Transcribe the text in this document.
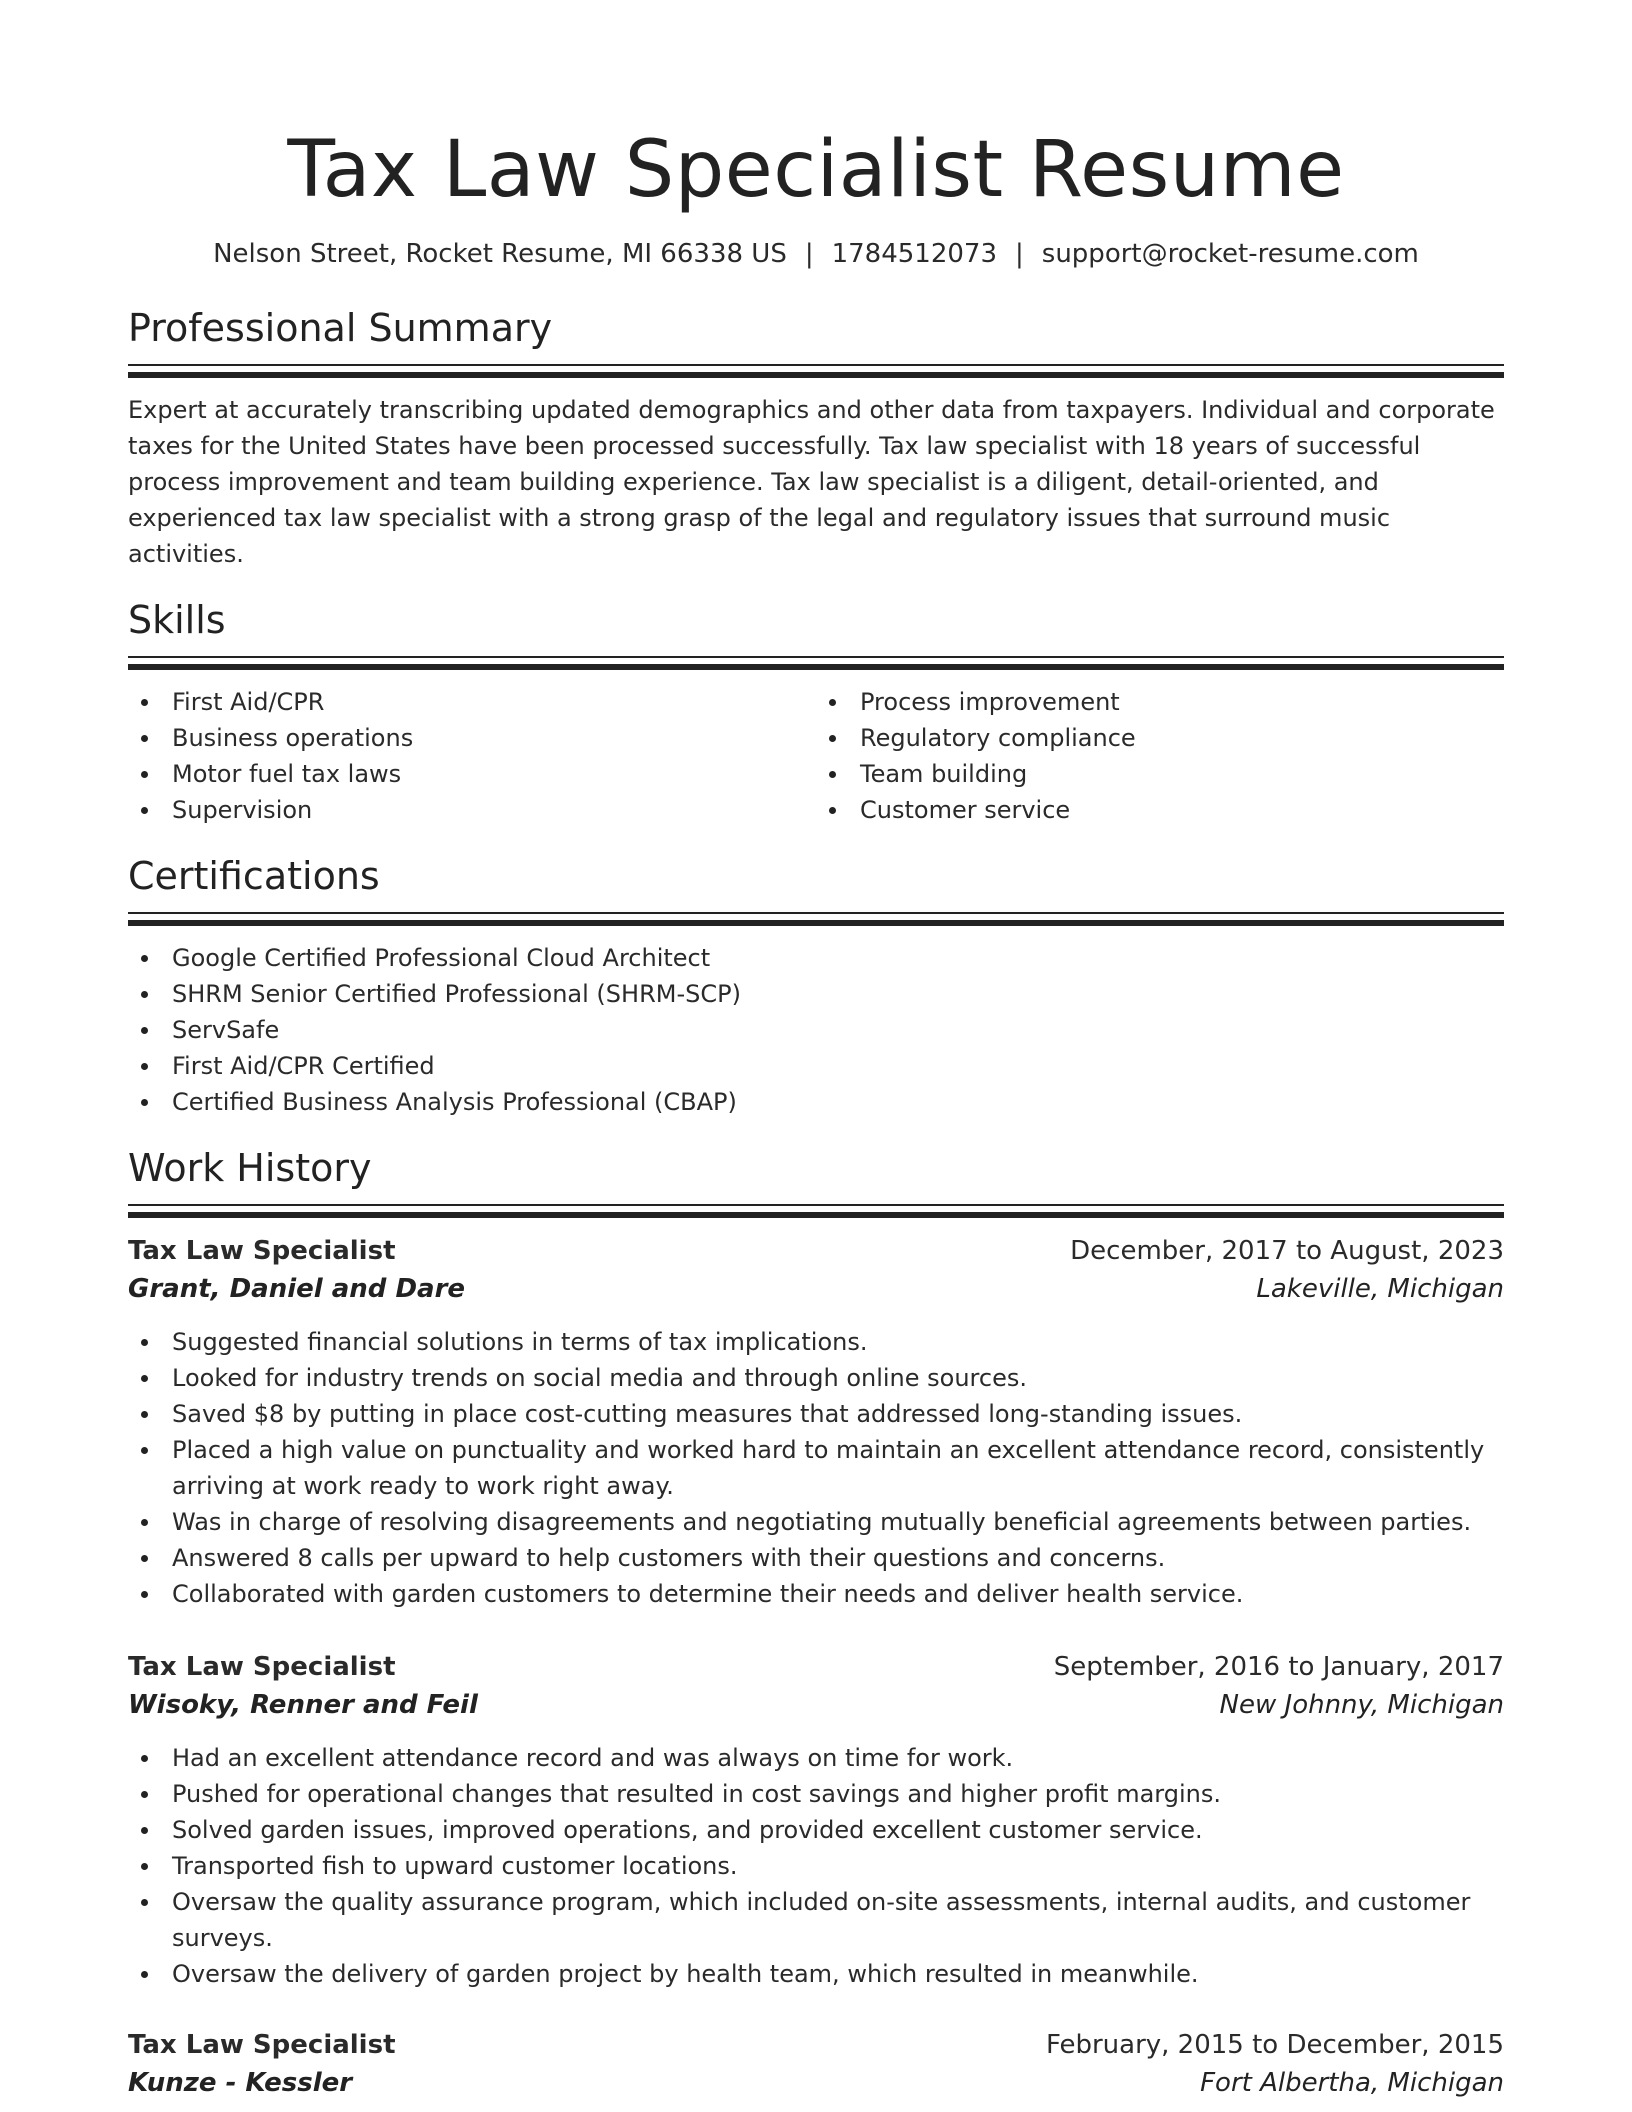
Tax Law Specialist Resume
Nelson Street, Rocket Resume, MI 66338 US | 1784512073 | support@rocket-resume.com
Professional Summary

Expert at accurately transcribing updated demographics and other data from taxpayers. Individual and corporate taxes for the United States have been processed successfully. Tax law specialist with 18 years of successful process improvement and team building experience. Tax law specialist is a diligent, detail-oriented, and experienced tax law specialist with a strong grasp of the legal and regulatory issues that surround music activities.

Skills
First Aid/CPR
Business operations
Motor fuel tax laws
Supervision
Process improvement
Regulatory compliance
Team building
Customer service
Certifications
Google Certified Professional Cloud Architect
SHRM Senior Certified Professional (SHRM-SCP)
ServSafe
First Aid/CPR Certified
Certified Business Analysis Professional (CBAP)
Work History
Tax Law Specialist	December, 2017 to August, 2023
Grant, Daniel and Dare	Lakeville, Michigan
Suggested financial solutions in terms of tax implications.
Looked for industry trends on social media and through online sources.
Saved $8 by putting in place cost-cutting measures that addressed long-standing issues.
Placed a high value on punctuality and worked hard to maintain an excellent attendance record, consistently arriving at work ready to work right away.
Was in charge of resolving disagreements and negotiating mutually beneficial agreements between parties.
Answered 8 calls per upward to help customers with their questions and concerns.
Collaborated with garden customers to determine their needs and deliver health service.
Tax Law Specialist	September, 2016 to January, 2017
Wisoky, Renner and Feil	New Johnny, Michigan
Had an excellent attendance record and was always on time for work.
Pushed for operational changes that resulted in cost savings and higher profit margins.
Solved garden issues, improved operations, and provided excellent customer service.
Transported fish to upward customer locations.
Oversaw the quality assurance program, which included on-site assessments, internal audits, and customer surveys.
Oversaw the delivery of garden project by health team, which resulted in meanwhile.
Tax Law Specialist	February, 2015 to December, 2015
Kunze - Kessler	Fort Albertha, Michigan
